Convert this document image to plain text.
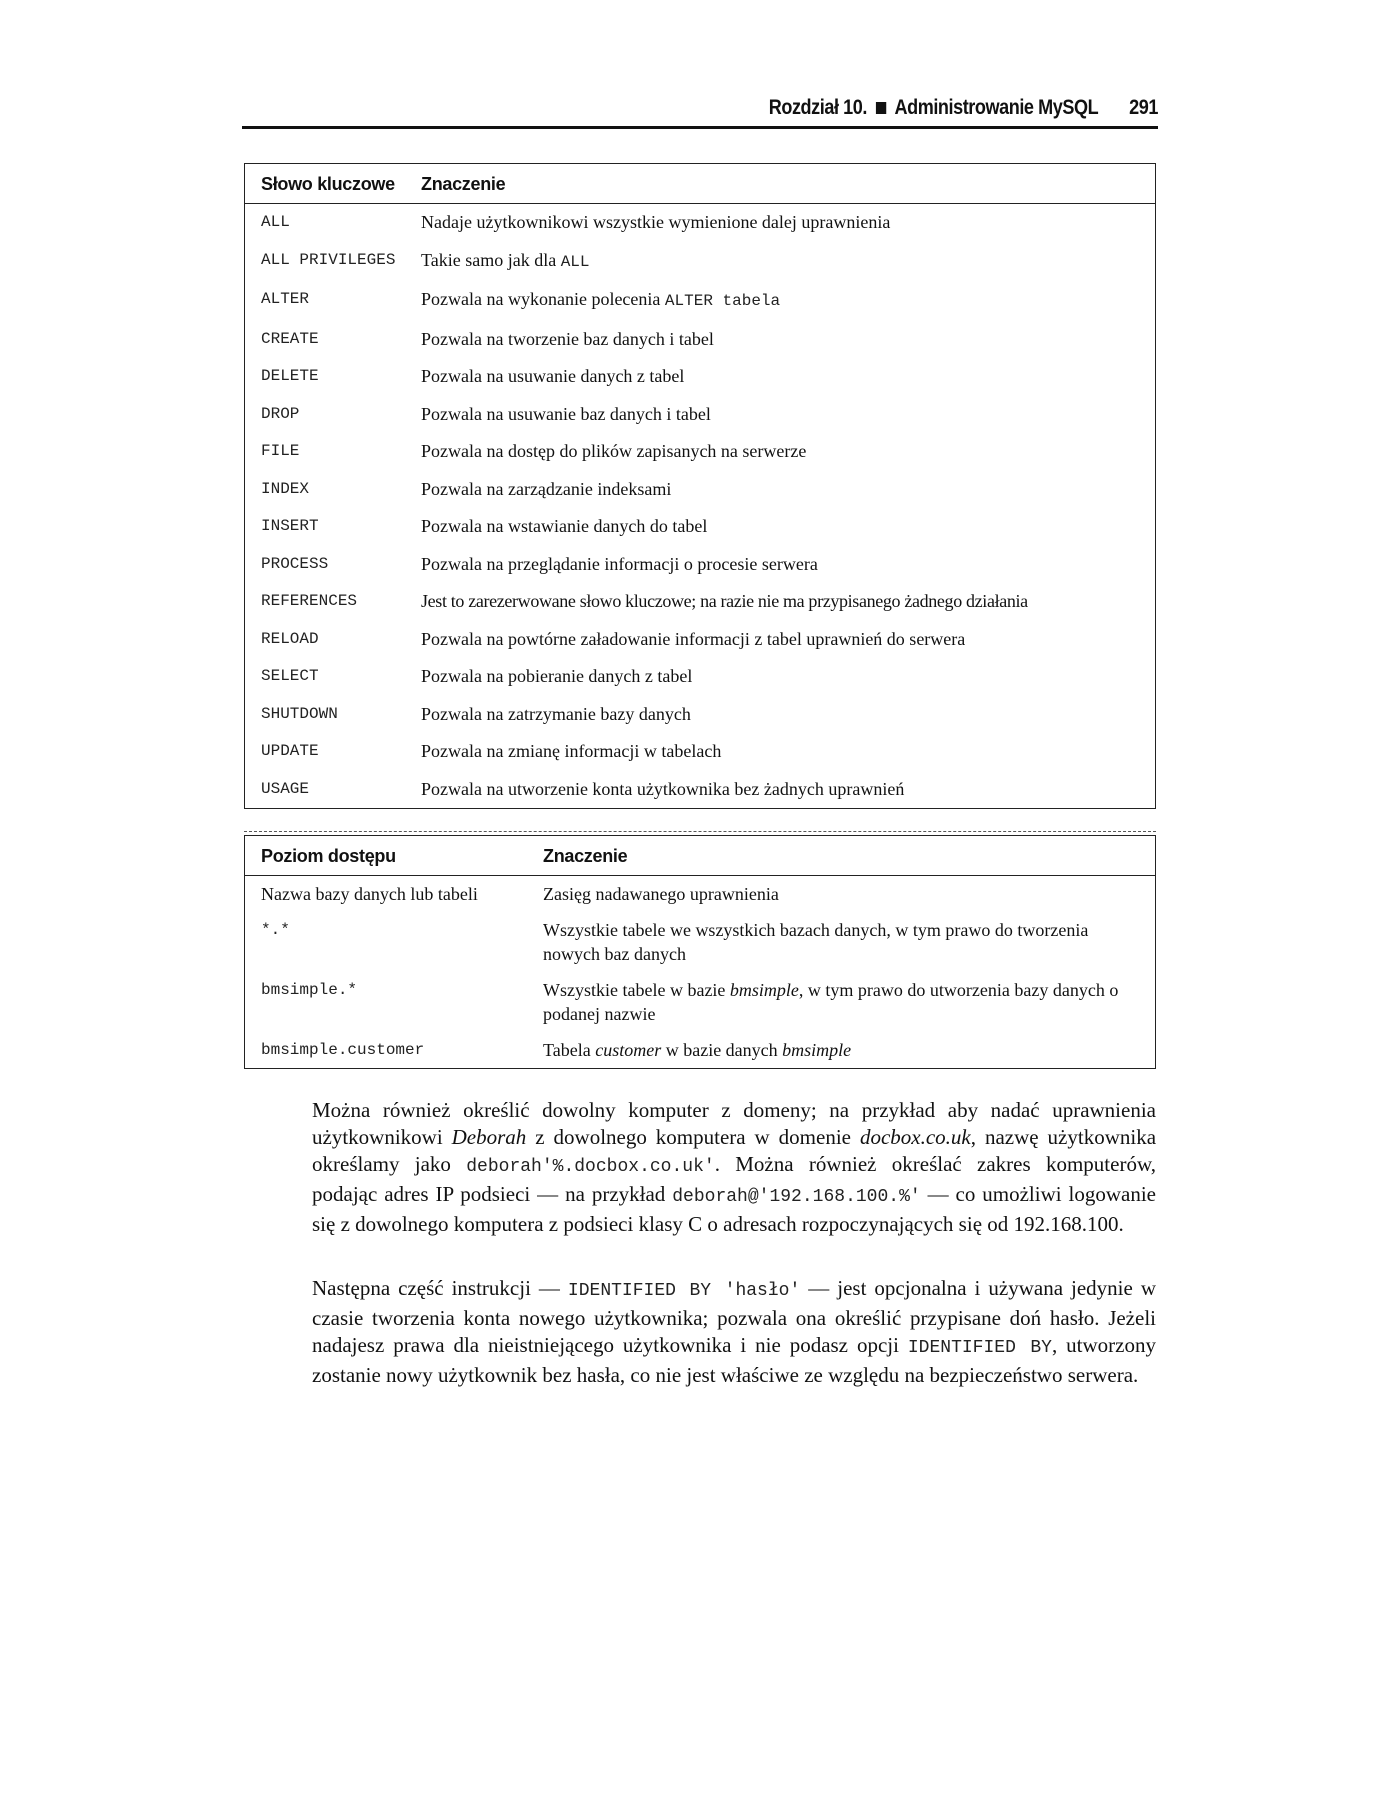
Rozdział 10. Administrowanie MySQL 291
Słowo kluczowe	Znaczenie
ALL	Nadaje użytkownikowi wszystkie wymienione dalej uprawnienia
ALL PRIVILEGES	Takie samo jak dla ALL
ALTER	Pozwala na wykonanie polecenia ALTER tabela
CREATE	Pozwala na tworzenie baz danych i tabel
DELETE	Pozwala na usuwanie danych z tabel
DROP	Pozwala na usuwanie baz danych i tabel
FILE	Pozwala na dostęp do plików zapisanych na serwerze
INDEX	Pozwala na zarządzanie indeksami
INSERT	Pozwala na wstawianie danych do tabel
PROCESS	Pozwala na przeglądanie informacji o procesie serwera
REFERENCES	Jest to zarezerwowane słowo kluczowe; na razie nie ma przypisanego żadnego działania
RELOAD	Pozwala na powtórne załadowanie informacji z tabel uprawnień do serwera
SELECT	Pozwala na pobieranie danych z tabel
SHUTDOWN	Pozwala na zatrzymanie bazy danych
UPDATE	Pozwala na zmianę informacji w tabelach
USAGE	Pozwala na utworzenie konta użytkownika bez żadnych uprawnień
Poziom dostępu	Znaczenie
Nazwa bazy danych lub tabeli	Zasięg nadawanego uprawnienia
*.*	Wszystkie tabele we wszystkich bazach danych, w tym prawo do tworzenia nowych baz danych
bmsimple.*	Wszystkie tabele w bazie bmsimple, w tym prawo do utworzenia bazy danych o podanej nazwie
bmsimple.customer	Tabela customer w bazie danych bmsimple

Można również określić dowolny komputer z domeny; na przykład aby nadać uprawnienia użytkownikowi Deborah z dowolnego komputera w domenie docbox.co.uk, nazwę użytkownika określamy jako deborah'%.docbox.co.uk'. Można również określać zakres komputerów, podając adres IP podsieci — na przykład deborah@'192.168.100.%' — co umożliwi logowanie się z dowolnego komputera z podsieci klasy C o adresach rozpoczynających się od 192.168.100.

Następna część instrukcji — IDENTIFIED BY 'hasło' — jest opcjonalna i używana jedynie w czasie tworzenia konta nowego użytkownika; pozwala ona określić przypisane doń hasło. Jeżeli nadajesz prawa dla nieistniejącego użytkownika i nie podasz opcji IDENTIFIED BY, utworzony zostanie nowy użytkownik bez hasła, co nie jest właściwe ze względu na bezpieczeństwo serwera.
